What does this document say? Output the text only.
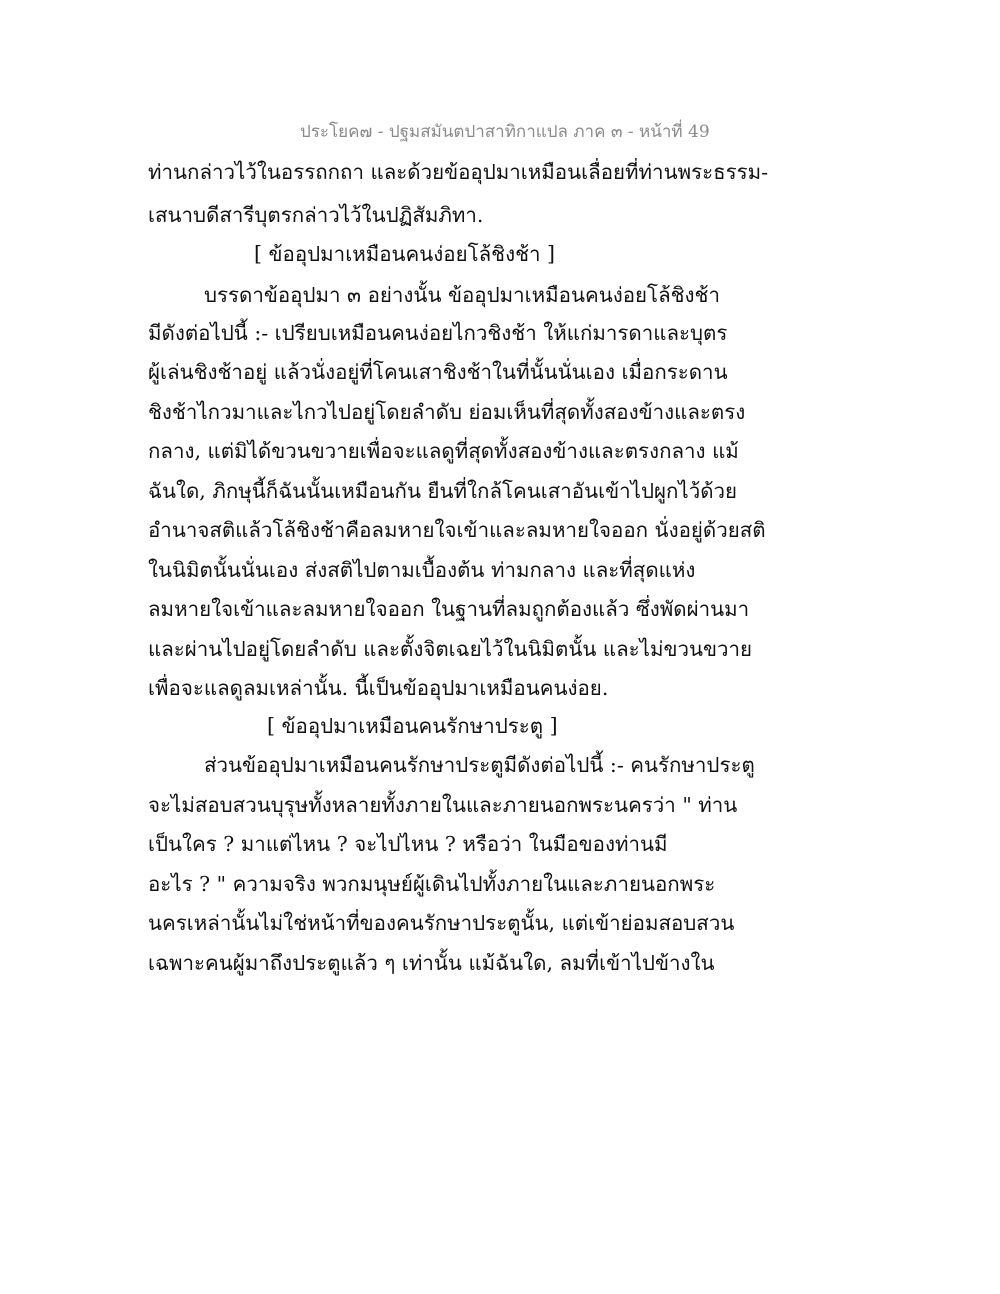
ประโยค๗ - ปฐมสมันตปาสาทิกาแปล ภาค ๓ - หน้าที่ 49
ท่านกล่าวไว้ในอรรถกถา และด้วยข้ออุปมาเหมือนเลื่อยที่ท่านพระธรรม-
เสนาบดีสารีบุตรกล่าวไว้ในปฏิสัมภิทา.
[ ข้ออุปมาเหมือนคนง่อยโล้ชิงช้า ]
บรรดาข้ออุปมา ๓ อย่างนั้น ข้ออุปมาเหมือนคนง่อยโล้ชิงช้า
มีดังต่อไปนี้ :- เปรียบเหมือนคนง่อยไกวชิงช้า ให้แก่มารดาและบุตร
ผู้เล่นชิงช้าอยู่ แล้วนั่งอยู่ที่โคนเสาชิงช้าในที่นั้นนั่นเอง เมื่อกระดาน
ชิงช้าไกวมาและไกวไปอยู่โดยลำดับ ย่อมเห็นที่สุดทั้งสองข้างและตรง
กลาง, แต่มิได้ขวนขวายเพื่อจะแลดูที่สุดทั้งสองข้างและตรงกลาง แม้
ฉันใด, ภิกษุนี้ก็ฉันนั้นเหมือนกัน ยืนที่ใกล้โคนเสาอันเข้าไปผูกไว้ด้วย
อำนาจสติแล้วโล้ชิงช้าคือลมหายใจเข้าและลมหายใจออก นั่งอยู่ด้วยสติ
ในนิมิตนั้นนั่นเอง ส่งสติไปตามเบื้องต้น ท่ามกลาง และที่สุดแห่ง
ลมหายใจเข้าและลมหายใจออก ในฐานที่ลมถูกต้องแล้ว ซึ่งพัดผ่านมา
และผ่านไปอยู่โดยลำดับ และตั้งจิตเฉยไว้ในนิมิตนั้น และไม่ขวนขวาย
เพื่อจะแลดูลมเหล่านั้น. นี้เป็นข้ออุปมาเหมือนคนง่อย.
[ ข้ออุปมาเหมือนคนรักษาประตู ]
ส่วนข้ออุปมาเหมือนคนรักษาประตูมีดังต่อไปนี้ :- คนรักษาประตู
จะไม่สอบสวนบุรุษทั้งหลายทั้งภายในและภายนอกพระนครว่า " ท่าน
เป็นใคร ? มาแต่ไหน ? จะไปไหน ? หรือว่า ในมือของท่านมี
อะไร ? " ความจริง พวกมนุษย์ผู้เดินไปทั้งภายในและภายนอกพระ
นครเหล่านั้นไม่ใช่หน้าที่ของคนรักษาประตูนั้น, แต่เข้าย่อมสอบสวน
เฉพาะคนผู้มาถึงประตูแล้ว ๆ เท่านั้น แม้ฉันใด, ลมที่เข้าไปข้างใน
